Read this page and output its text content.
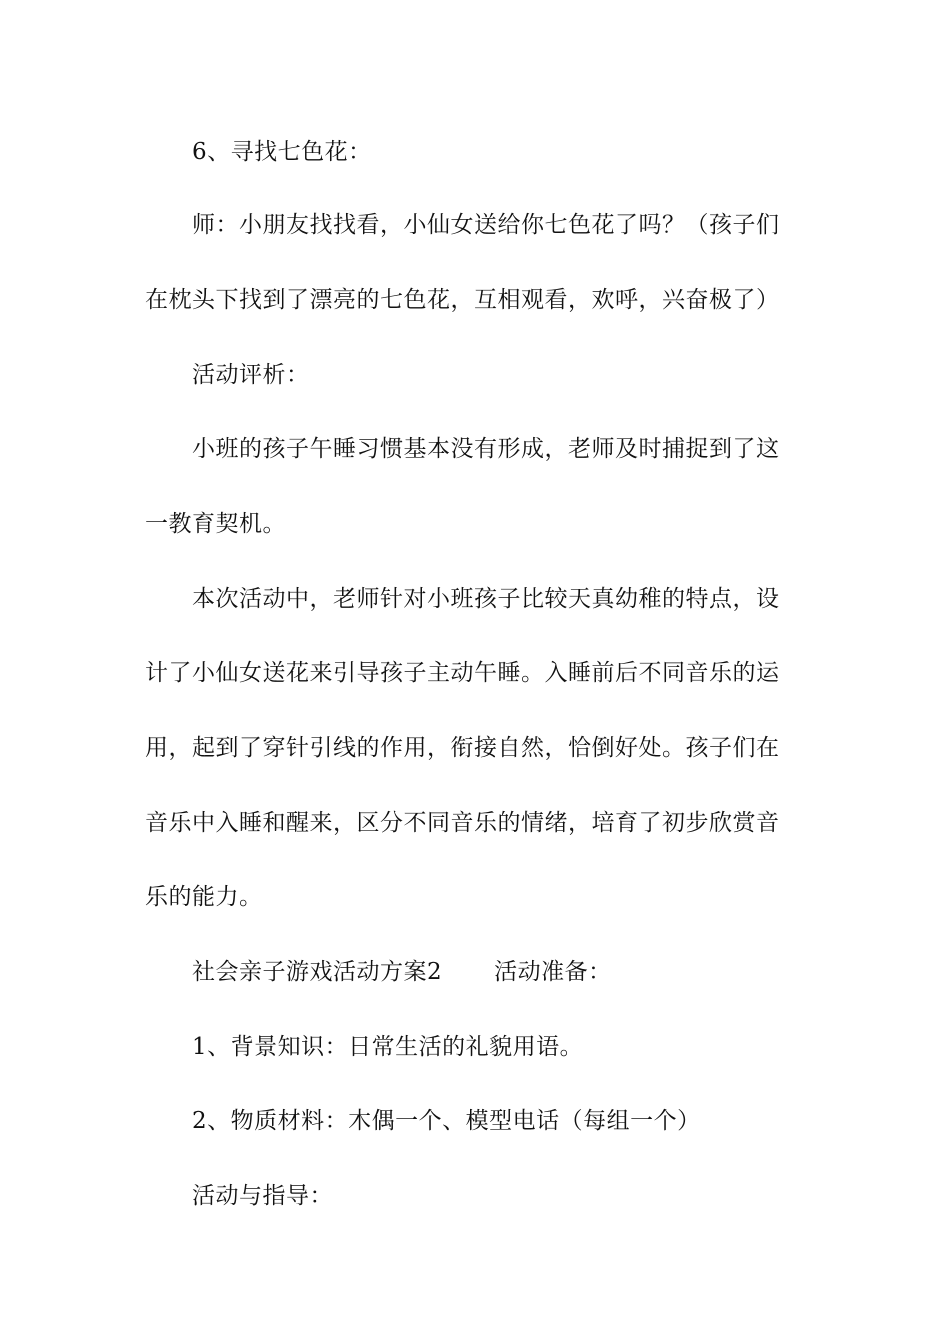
6、寻找七色花：
师：小朋友找找看，小仙女送给你七色花了吗？（孩子们
在枕头下找到了漂亮的七色花，互相观看，欢呼，兴奋极了）
活动评析：
小班的孩子午睡习惯基本没有形成，老师及时捕捉到了这
一教育契机。
本次活动中，老师针对小班孩子比较天真幼稚的特点，设
计了小仙女送花来引导孩子主动午睡。入睡前后不同音乐的运
用，起到了穿针引线的作用，衔接自然，恰倒好处。孩子们在
音乐中入睡和醒来，区分不同音乐的情绪，培育了初步欣赏音
乐的能力。
社会亲子游戏活动方案2 活动准备：
1、背景知识：日常生活的礼貌用语。
2、物质材料：木偶一个、模型电话（每组一个）
活动与指导：
